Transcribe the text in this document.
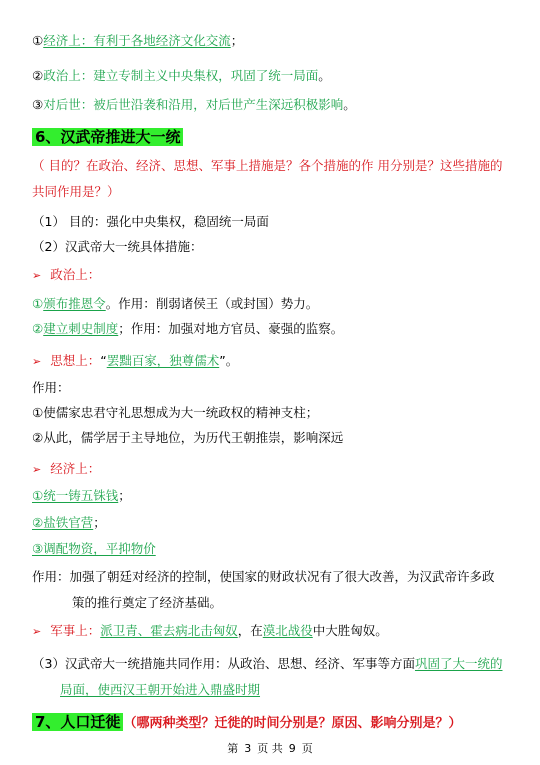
①经济上：有利于各地经济文化交流；
②政治上：建立专制主义中央集权，巩固了统一局面。
③对后世：被后世沿袭和沿用，对后世产生深远积极影响。
6、汉武帝推进大一统
（ 目的？在政治、经济、思想、军事上措施是？各个措施的作 用分别是？这些措施的共同作用是？）
（1） 目的：强化中央集权，稳固统一局面
（2）汉武帝大一统具体措施：
➢ 政治上：
①颁布推恩令。作用：削弱诸侯王（或封国）势力。
②建立刺史制度；作用：加强对地方官员、豪强的监察。
➢ 思想上：“罢黜百家，独尊儒术”。
作用：
①使儒家忠君守礼思想成为大一统政权的精神支柱；
②从此，儒学居于主导地位，为历代王朝推崇，影响深远
➢ 经济上：
①统一铸五铢钱；
②盐铁官营；
③调配物资，平抑物价
作用：加强了朝廷对经济的控制，使国家的财政状况有了很大改善，为汉武帝许多政
策的推行奠定了经济基础。
➢ 军事上：派卫青、霍去病北击匈奴，在漠北战役中大胜匈奴。
（3）汉武帝大一统措施共同作用：从政治、思想、经济、军事等方面巩固了大一统的
局面，使西汉王朝开始进入鼎盛时期
7、人口迁徙 （哪两种类型？迁徙的时间分别是？原因、影响分别是？）
第 3 页 共 9 页
